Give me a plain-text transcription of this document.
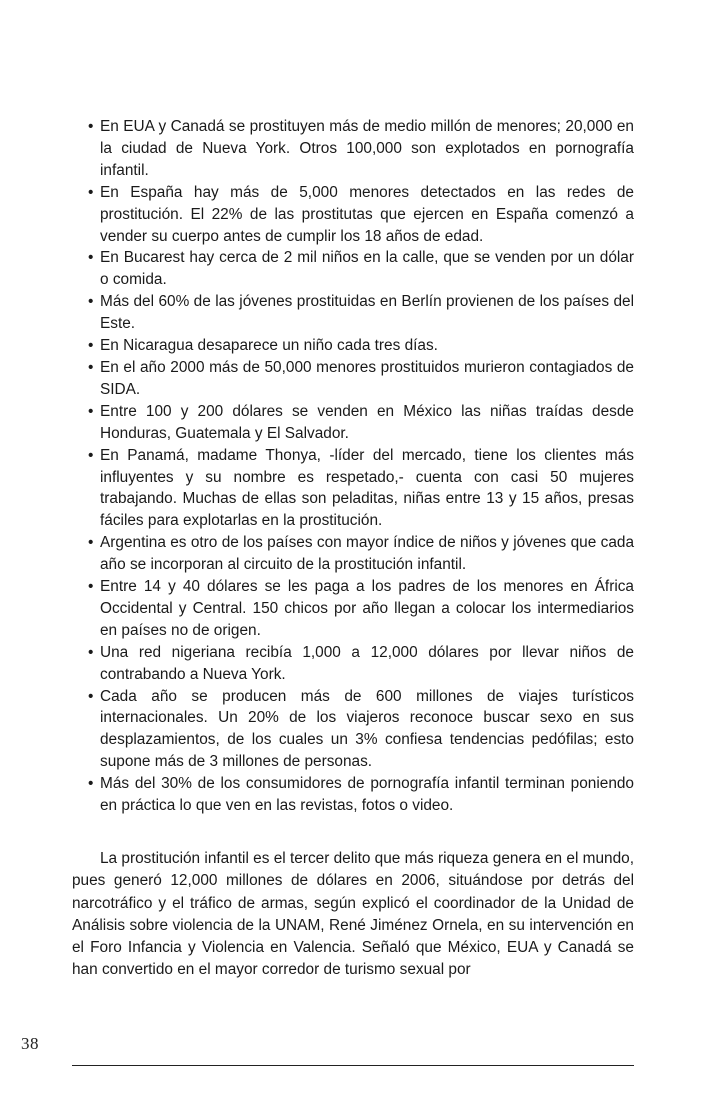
• En EUA y Canadá se prostituyen más de medio millón de menores; 20,000 en la ciudad de Nueva York. Otros 100,000 son explotados en pornografía infantil.
• En España hay más de 5,000 menores detectados en las redes de prostitución. El 22% de las prostitutas que ejercen en España comenzó a vender su cuerpo antes de cumplir los 18 años de edad.
• En Bucarest hay cerca de 2 mil niños en la calle, que se venden por un dólar o comida.
• Más del 60% de las jóvenes prostituidas en Berlín provienen de los países del Este.
• En Nicaragua desaparece un niño cada tres días.
• En el año 2000 más de 50,000 menores prostituidos murieron contagiados de SIDA.
• Entre 100 y 200 dólares se venden en México las niñas traídas desde Honduras, Guatemala y El Salvador.
• En Panamá, madame Thonya, -líder del mercado, tiene los clientes más influyentes y su nombre es respetado,- cuenta con casi 50 mujeres trabajando. Muchas de ellas son peladitas, niñas entre 13 y 15 años, presas fáciles para explotarlas en la prostitución.
• Argentina es otro de los países con mayor índice de niños y jóvenes que cada año se incorporan al circuito de la prostitución infantil.
• Entre 14 y 40 dólares se les paga a los padres de los menores en África Occidental y Central. 150 chicos por año llegan a colocar los intermediarios en países no de origen.
• Una red nigeriana recibía 1,000 a 12,000 dólares por llevar niños de contrabando a Nueva York.
• Cada año se producen más de 600 millones de viajes turísticos internacionales. Un 20% de los viajeros reconoce buscar sexo en sus desplazamientos, de los cuales un 3% confiesa tendencias pedófilas; esto supone más de 3 millones de personas.
• Más del 30% de los consumidores de pornografía infantil terminan poniendo en práctica lo que ven en las revistas, fotos o video.

La prostitución infantil es el tercer delito que más riqueza genera en el mundo, pues generó 12,000 millones de dólares en 2006, situándose por detrás del narcotráfico y el tráfico de armas, según explicó el coordinador de la Unidad de Análisis sobre violencia de la UNAM, René Jiménez Ornela, en su intervención en el Foro Infancia y Violencia en Valencia. Señaló que México, EUA y Canadá se han convertido en el mayor corredor de turismo sexual por

38
